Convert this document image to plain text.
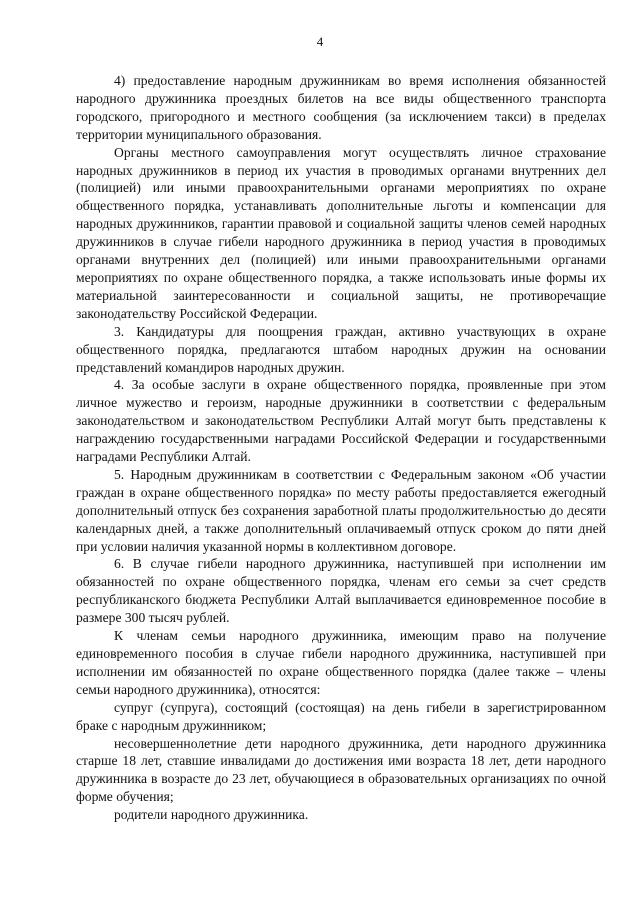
4

4) предоставление народным дружинникам во время исполнения обязанностей народного дружинника проездных билетов на все виды общественного транспорта городского, пригородного и местного сообщения (за исключением такси) в пределах территории муниципального образования.

Органы местного самоуправления могут осуществлять личное страхование народных дружинников в период их участия в проводимых органами внутренних дел (полицией) или иными правоохранительными органами мероприятиях по охране общественного порядка, устанавливать дополнительные льготы и компенсации для народных дружинников, гарантии правовой и социальной защиты членов семей народных дружинников в случае гибели народного дружинника в период участия в проводимых органами внутренних дел (полицией) или иными правоохранительными органами мероприятиях по охране общественного порядка, а также использовать иные формы их материальной заинтересованности и социальной защиты, не противоречащие законодательству Российской Федерации.

3. Кандидатуры для поощрения граждан, активно участвующих в охране общественного порядка, предлагаются штабом народных дружин на основании представлений командиров народных дружин.

4. За особые заслуги в охране общественного порядка, проявленные при этом личное мужество и героизм, народные дружинники в соответствии с федеральным законодательством и законодательством Республики Алтай могут быть представлены к награждению государственными наградами Российской Федерации и государственными наградами Республики Алтай.

5. Народным дружинникам в соответствии с Федеральным законом «Об участии граждан в охране общественного порядка» по месту работы предоставляется ежегодный дополнительный отпуск без сохранения заработной платы продолжительностью до десяти календарных дней, а также дополнительный оплачиваемый отпуск сроком до пяти дней при условии наличия указанной нормы в коллективном договоре.

6. В случае гибели народного дружинника, наступившей при исполнении им обязанностей по охране общественного порядка, членам его семьи за счет средств республиканского бюджета Республики Алтай выплачивается единовременное пособие в размере 300 тысяч рублей.

К членам семьи народного дружинника, имеющим право на получение единовременного пособия в случае гибели народного дружинника, наступившей при исполнении им обязанностей по охране общественного порядка (далее также – члены семьи народного дружинника), относятся:

супруг (супруга), состоящий (состоящая) на день гибели в зарегистрированном браке с народным дружинником;

несовершеннолетние дети народного дружинника, дети народного дружинника старше 18 лет, ставшие инвалидами до достижения ими возраста 18 лет, дети народного дружинника в возрасте до 23 лет, обучающиеся в образовательных организациях по очной форме обучения;

родители народного дружинника.
